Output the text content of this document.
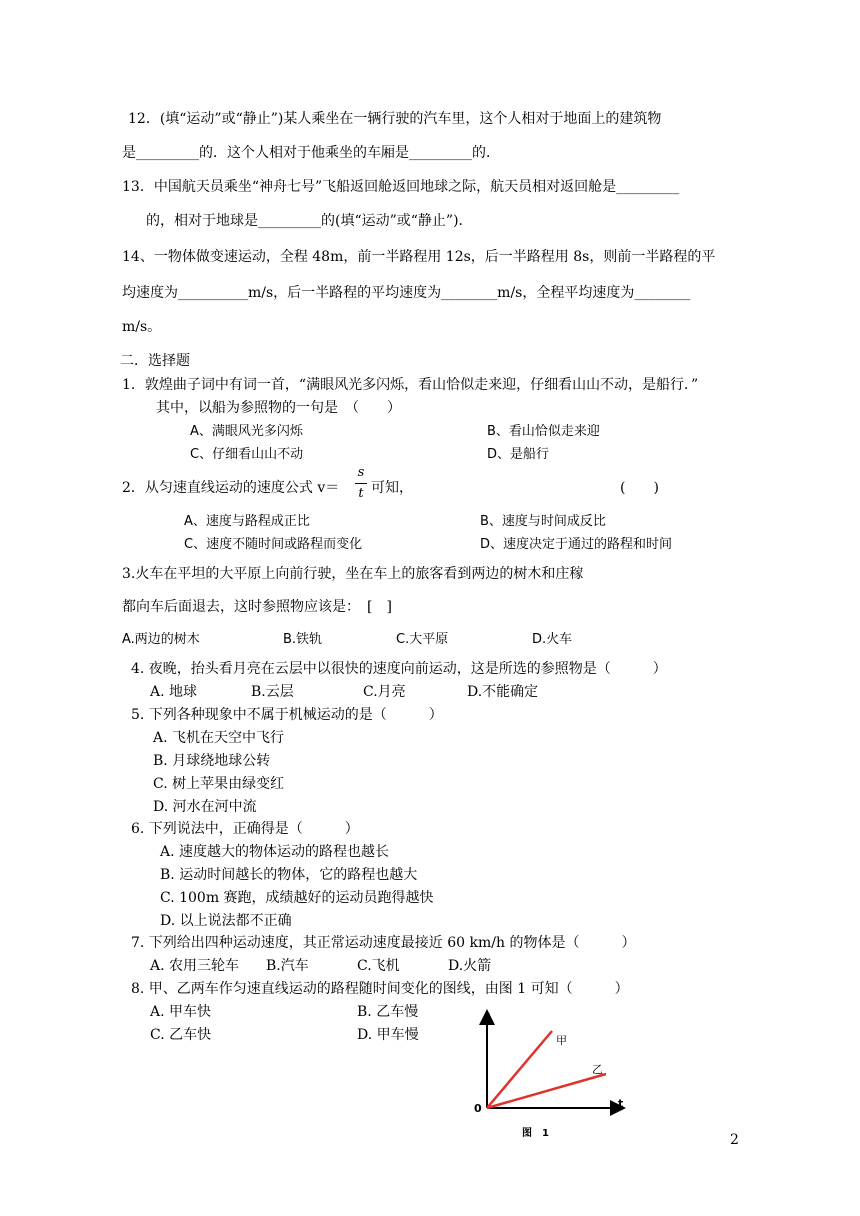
12．(填“运动”或“静止”)某人乘坐在一辆行驶的汽车里，这个人相对于地面上的建筑物
是_________的．这个人相对于他乘坐的车厢是_________的．
13．中国航天员乘坐“神舟七号”飞船返回舱返回地球之际，航天员相对返回舱是_________
的，相对于地球是_________的(填“运动”或“静止”)．
14、一物体做变速运动，全程 48m，前一半路程用 12s，后一半路程用 8s，则前一半路程的平
均速度为__________m/s，后一半路程的平均速度为________m/s，全程平均速度为________
m/s。
二．选择题
1．敦煌曲子词中有词一首，“满眼风光多闪烁，看山恰似走来迎，仔细看山山不动，是船行．”
其中，以船为参照物的一句是　（　　）
A、满眼风光多闪烁	B、看山恰似走来迎
C、仔细看山山不动	D、是船行
2．从匀速直线运动的速度公式 v＝
s
t 可知，	(　　)
A、速度与路程成正比	B、速度与时间成反比
C、速度不随时间或路程而变化	D、速度决定于通过的路程和时间
3.火车在平坦的大平原上向前行驶，坐在车上的旅客看到两边的树木和庄稼
都向车后面退去，这时参照物应该是：　[　]
A.两边的树木	B.铁轨	C.大平原	D.火车
4. 夜晚，抬头看月亮在云层中以很快的速度向前运动，这是所选的参照物是（　　　）
A. 地球	B.云层	C.月亮	D.不能确定
5. 下列各种现象中不属于机械运动的是（　　　）
A. 飞机在天空中飞行
B. 月球绕地球公转
C. 树上苹果由绿变红
D. 河水在河中流
6. 下列说法中，正确得是（　　　）
A. 速度越大的物体运动的路程也越长
B. 运动时间越长的物体，它的路程也越大
C. 100m 赛跑，成绩越好的运动员跑得越快
D. 以上说法都不正确
7. 下列给出四种运动速度，其正常运动速度最接近 60 km/h 的物体是（　　　）
A. 农用三轮车 B.汽车	C.飞机	D.火箭
8. 甲、乙两车作匀速直线运动的路程随时间变化的图线，由图 1 可知（　　　）
A. 甲车快	B. 乙车慢
C. 乙车快	D. 甲车慢
s
t
0
甲
乙
图　1	2
